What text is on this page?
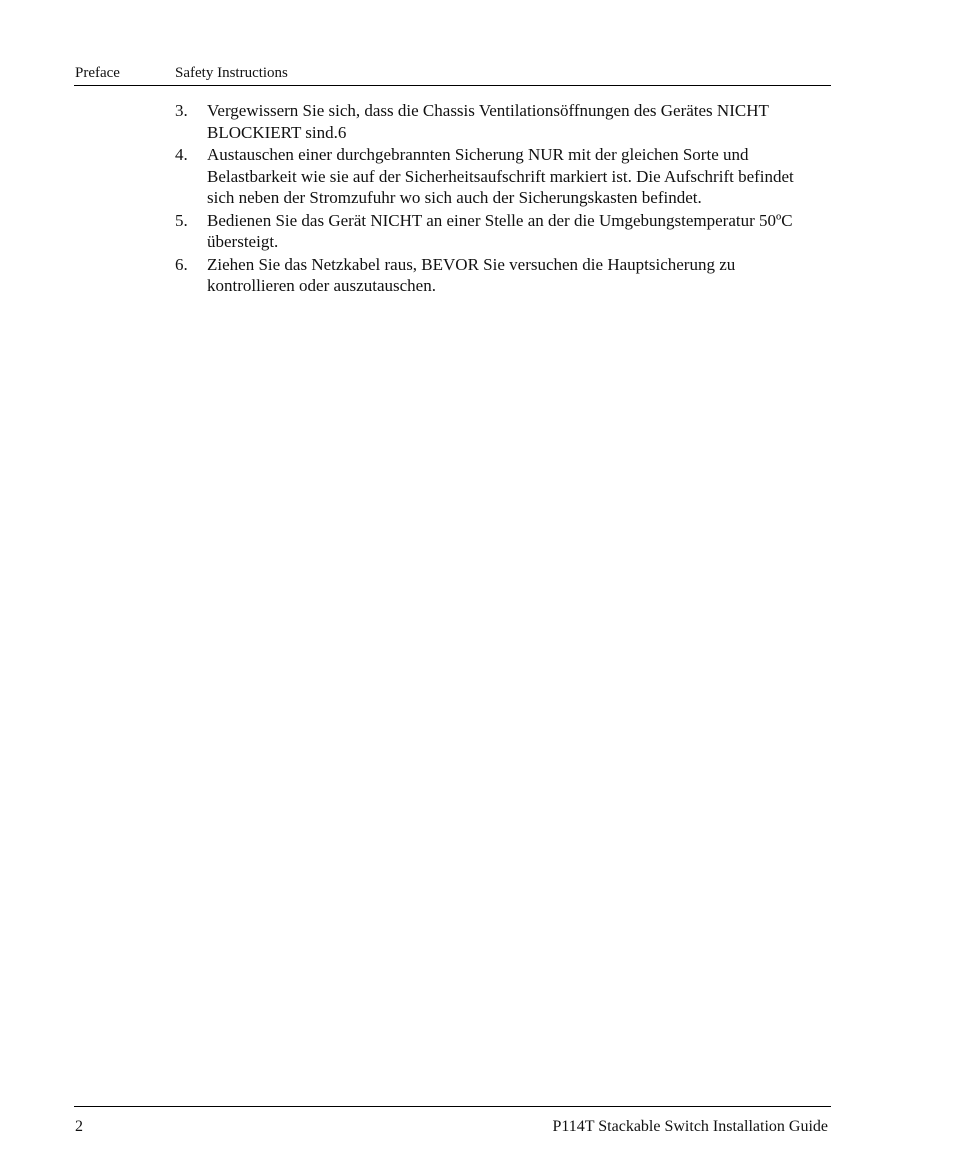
Preface	Safety Instructions
3.	Vergewissern Sie sich, dass die Chassis Ventilationsöffnungen des Gerätes NICHT BLOCKIERT sind.6
4.	Austauschen einer durchgebrannten Sicherung NUR mit der gleichen Sorte und Belastbarkeit wie sie auf der Sicherheitsaufschrift markiert ist. Die Aufschrift befindet sich neben der Stromzufuhr wo sich auch der Sicherungskasten befindet.
5.	Bedienen Sie das Gerät NICHT an einer Stelle an der die Umgebungstemperatur 50ºC übersteigt.
6.	Ziehen Sie das Netzkabel raus, BEVOR Sie versuchen die Hauptsicherung zu kontrollieren oder auszutauschen.
2	P114T Stackable Switch Installation Guide
